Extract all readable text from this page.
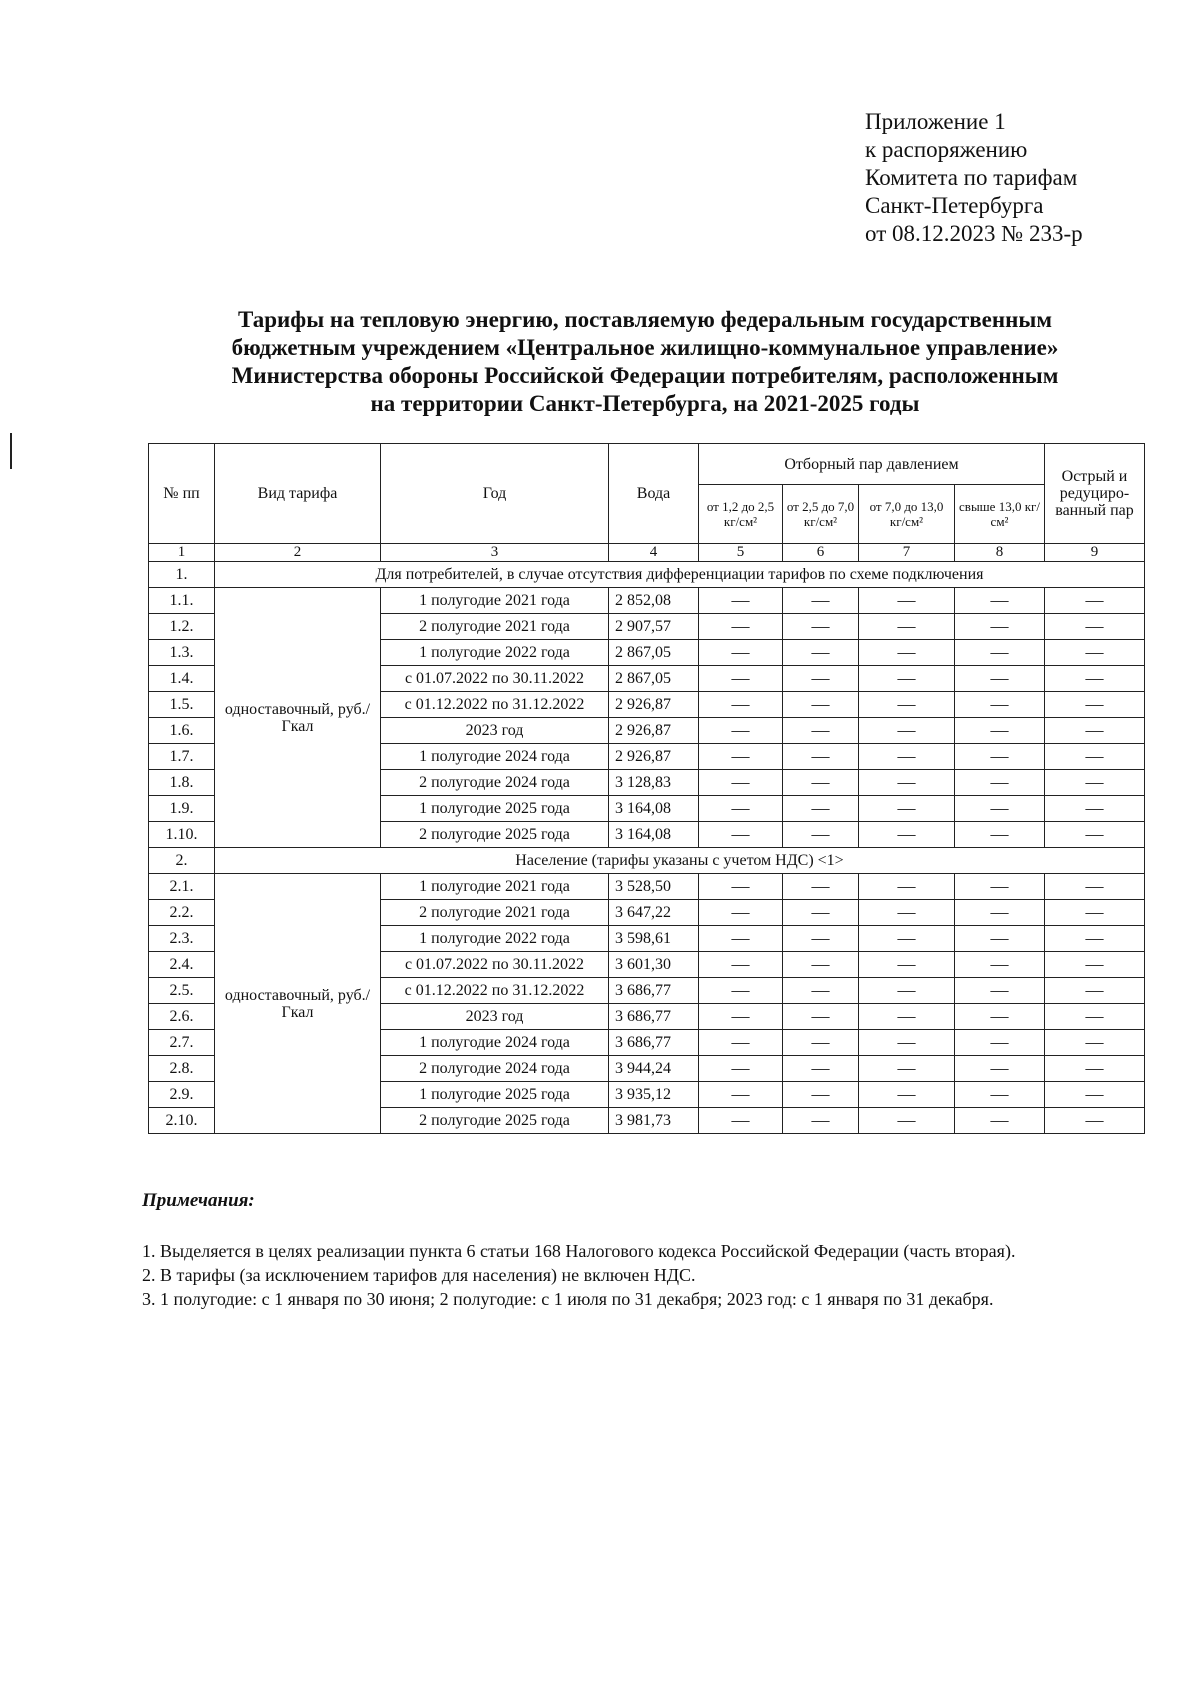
Приложение 1
к распоряжению
Комитета по тарифам
Санкт-Петербурга
от 08.12.2023 № 233-р
Тарифы на тепловую энергию, поставляемую федеральным государственным
бюджетным учреждением «Центральное жилищно-коммунальное управление»
Министерства обороны Российской Федерации потребителям, расположенным
на территории Санкт-Петербурга, на 2021-2025 годы
№ пп	Вид тарифа	Год	Вода	Отборный пар давлением				Острый и редуциро-ванный пар
				от 1,2 до 2,5 кг/см²	от 2,5 до 7,0 кг/см²	от 7,0 до 13,0 кг/см²	свыше 13,0 кг/см²	
1	2	3	4	5	6	7	8	9
1.	Для потребителей, в случае отсутствия дифференциации тарифов по схеме подключения							
1.1.	одноставочный, руб./Гкал	1 полугодие 2021 года	2 852,08	—	—	—	—	—
1.2.		2 полугодие 2021 года	2 907,57	—	—	—	—	—
1.3.		1 полугодие 2022 года	2 867,05	—	—	—	—	—
1.4.		с 01.07.2022 по 30.11.2022	2 867,05	—	—	—	—	—
1.5.		с 01.12.2022 по 31.12.2022	2 926,87	—	—	—	—	—
1.6.		2023 год	2 926,87	—	—	—	—	—
1.7.		1 полугодие 2024 года	2 926,87	—	—	—	—	—
1.8.		2 полугодие 2024 года	3 128,83	—	—	—	—	—
1.9.		1 полугодие 2025 года	3 164,08	—	—	—	—	—
1.10.		2 полугодие 2025 года	3 164,08	—	—	—	—	—
2.	Население (тарифы указаны с учетом НДС) <1>							
2.1.	одноставочный, руб./Гкал	1 полугодие 2021 года	3 528,50	—	—	—	—	—
2.2.		2 полугодие 2021 года	3 647,22	—	—	—	—	—
2.3.		1 полугодие 2022 года	3 598,61	—	—	—	—	—
2.4.		с 01.07.2022 по 30.11.2022	3 601,30	—	—	—	—	—
2.5.		с 01.12.2022 по 31.12.2022	3 686,77	—	—	—	—	—
2.6.		2023 год	3 686,77	—	—	—	—	—
2.7.		1 полугодие 2024 года	3 686,77	—	—	—	—	—
2.8.		2 полугодие 2024 года	3 944,24	—	—	—	—	—
2.9.		1 полугодие 2025 года	3 935,12	—	—	—	—	—
2.10.		2 полугодие 2025 года	3 981,73	—	—	—	—	—
Примечания:

1. Выделяется в целях реализации пункта 6 статьи 168 Налогового кодекса Российской Федерации (часть вторая).

2. В тарифы (за исключением тарифов для населения) не включен НДС.

3. 1 полугодие: с 1 января по 30 июня; 2 полугодие: с 1 июля по 31 декабря; 2023 год: с 1 января по 31 декабря.
